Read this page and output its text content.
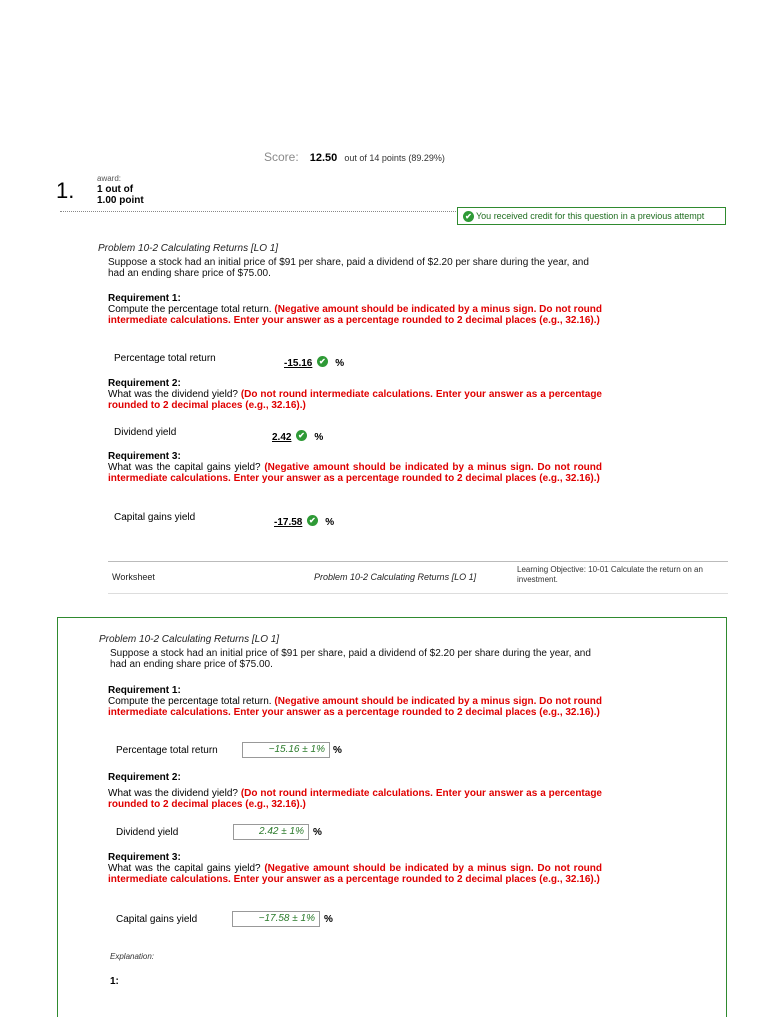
Score: 12.50 out of 14 points (89.29%)
1.	award:
1 out of
1.00 point
✔ You received credit for this question in a previous attempt
Problem 10-2 Calculating Returns [LO 1]
Suppose a stock had an initial price of $91 per share, paid a dividend of $2.20 per share during the year, and had an ending share price of $75.00.
Requirement 1:
Compute the percentage total return. (Negative amount should be indicated by a minus sign. Do not round intermediate calculations. Enter your answer as a percentage rounded to 2 decimal places (e.g., 32.16).)
Percentage total return	-15.16 ✔ %
Requirement 2:
What was the dividend yield? (Do not round intermediate calculations. Enter your answer as a percentage rounded to 2 decimal places (e.g., 32.16).)
Dividend yield	2.42 ✔ %
Requirement 3:
What was the capital gains yield? (Negative amount should be indicated by a minus sign. Do not round intermediate calculations. Enter your answer as a percentage rounded to 2 decimal places (e.g., 32.16).)
Capital gains yield	-17.58 ✔ %
Worksheet	Problem 10-2 Calculating Returns [LO 1]
Learning Objective: 10-01 Calculate the return on an investment.
Problem 10-2 Calculating Returns [LO 1]
Suppose a stock had an initial price of $91 per share, paid a dividend of $2.20 per share during the year, and had an ending share price of $75.00.
Requirement 1:
Compute the percentage total return. (Negative amount should be indicated by a minus sign. Do not round intermediate calculations. Enter your answer as a percentage rounded to 2 decimal places (e.g., 32.16).)
Percentage total return	−15.16 ± 1% %
Requirement 2:
What was the dividend yield? (Do not round intermediate calculations. Enter your answer as a percentage rounded to 2 decimal places (e.g., 32.16).)
Dividend yield	2.42 ± 1% %
Requirement 3:
What was the capital gains yield? (Negative amount should be indicated by a minus sign. Do not round intermediate calculations. Enter your answer as a percentage rounded to 2 decimal places (e.g., 32.16).)
Capital gains yield	−17.58 ± 1% %
Explanation:
1:
